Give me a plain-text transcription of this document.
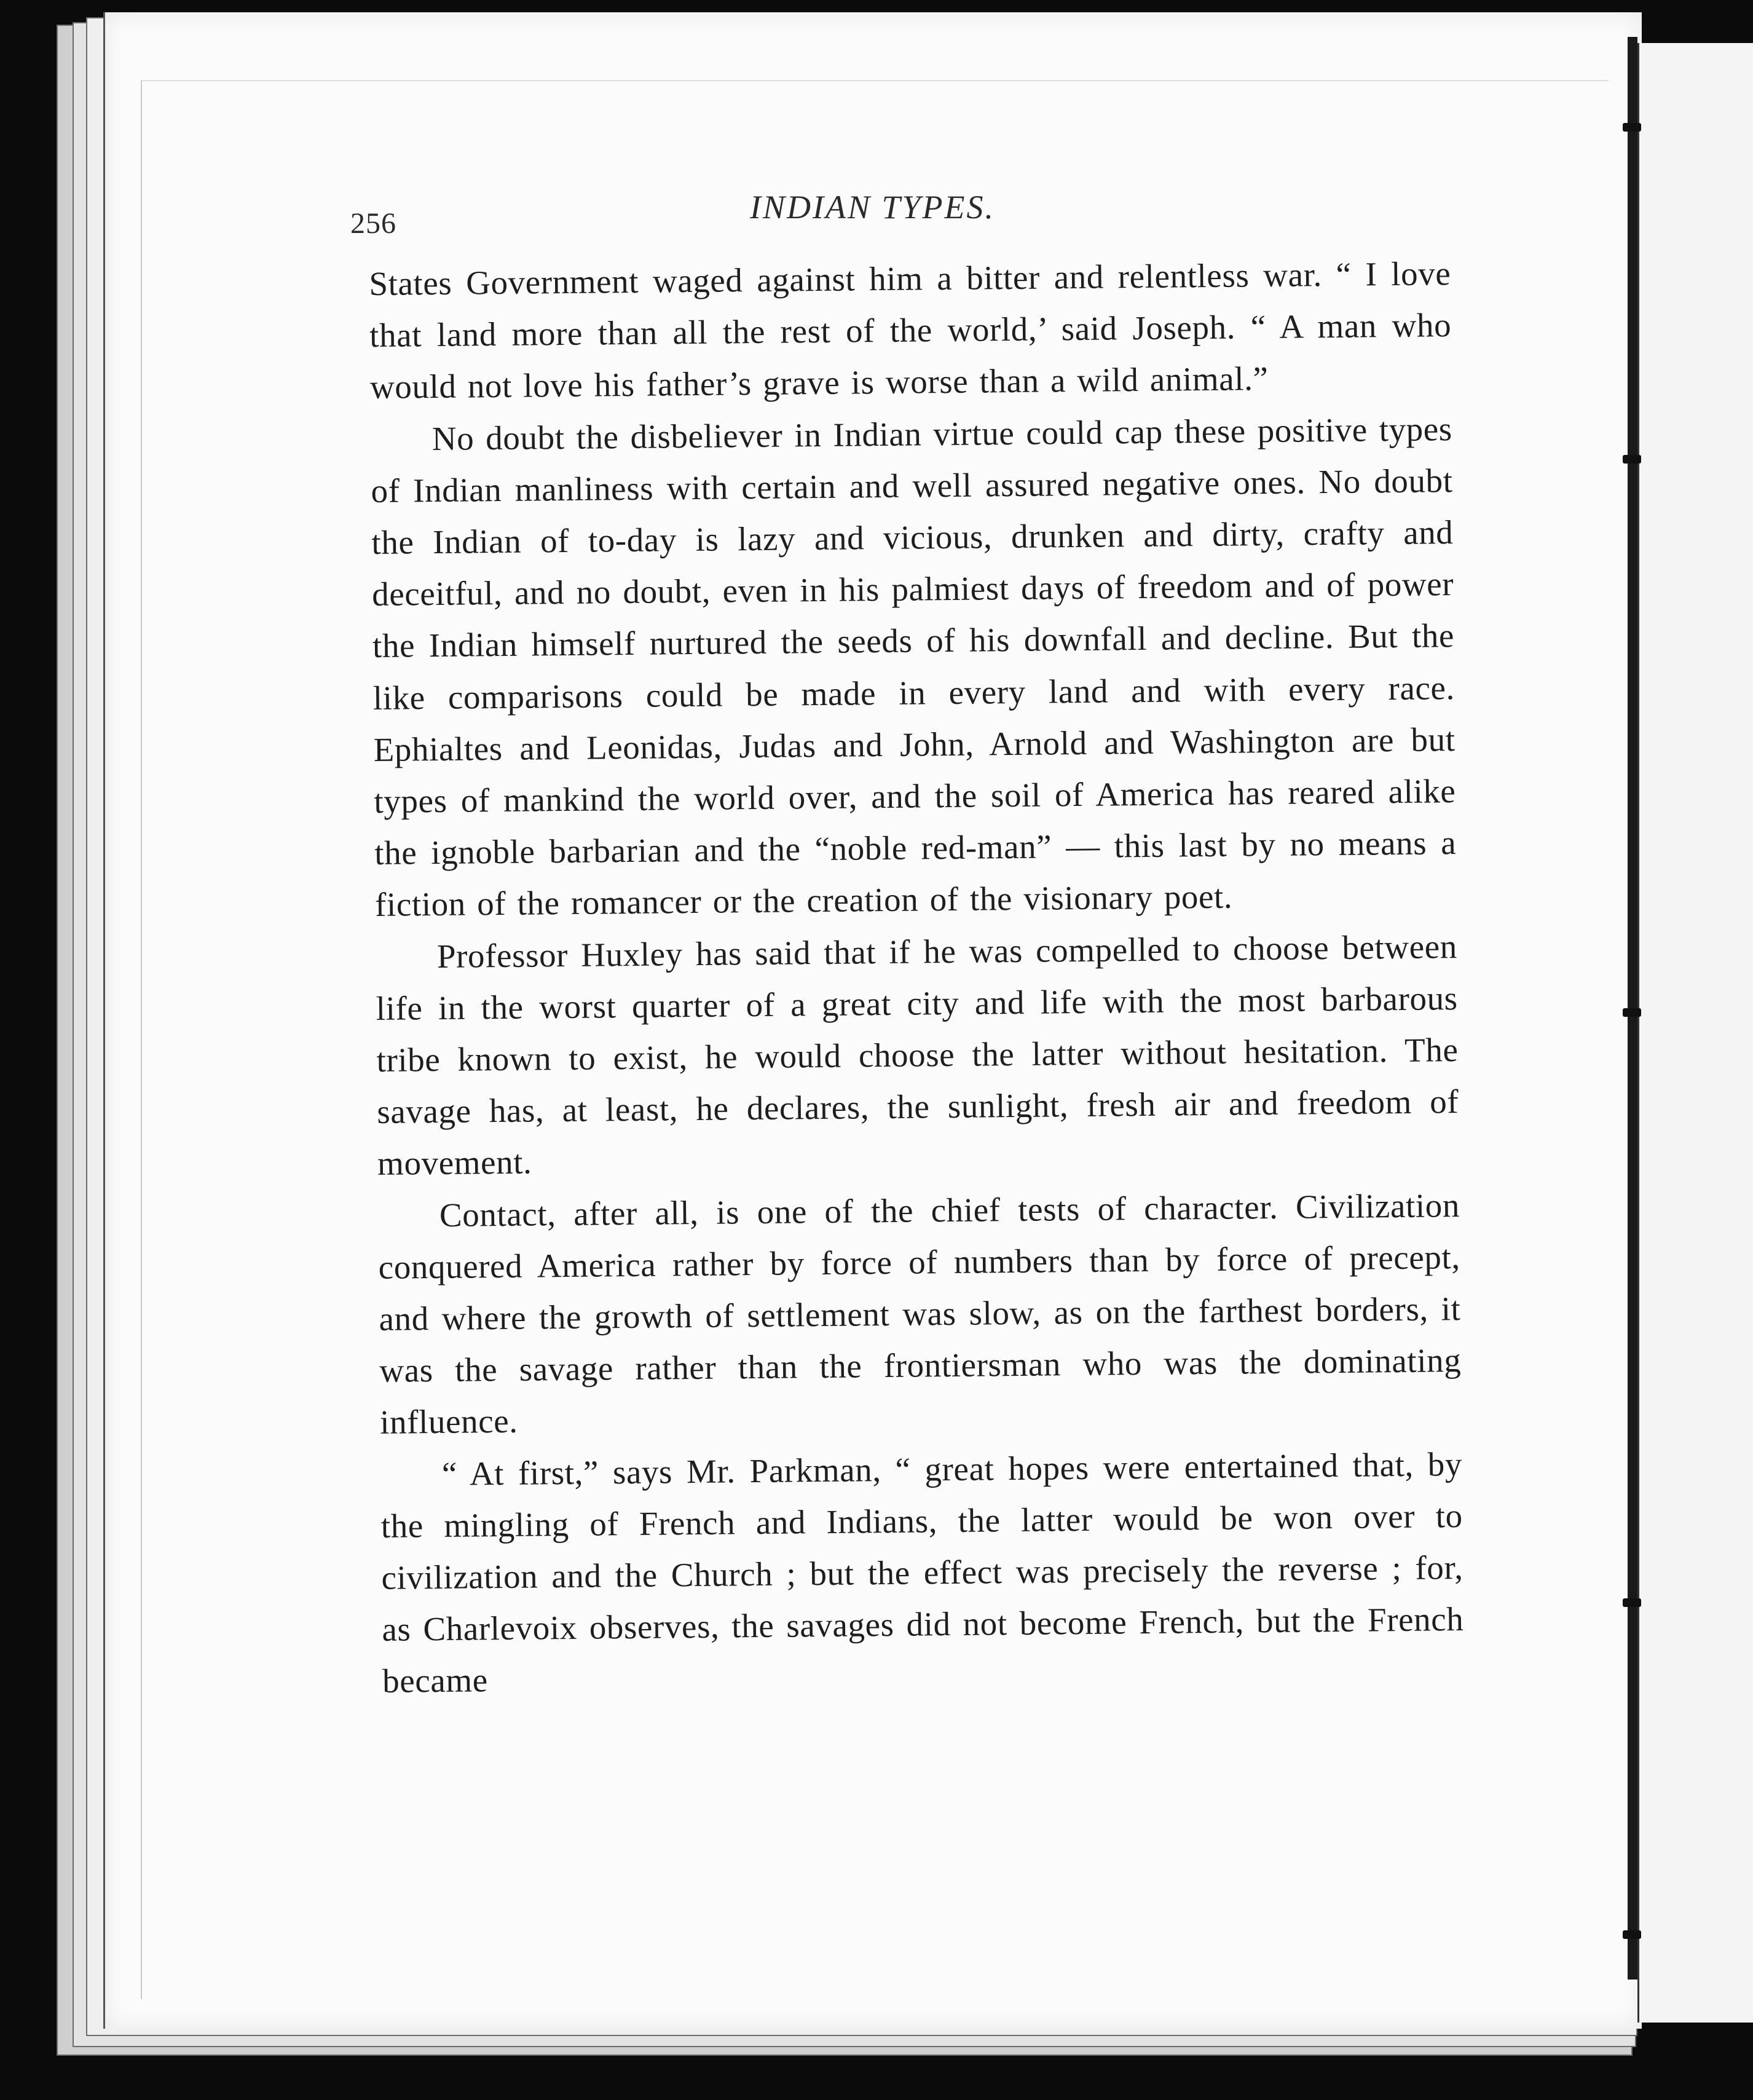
256	INDIAN TYPES.

States Government waged against him a bitter and relentless war. “ I love that land more than all the rest of the world,’ said Joseph. “ A man who would not love his father’s grave is worse than a wild animal.”

No doubt the disbeliever in Indian virtue could cap these positive types of Indian manliness with certain and well assured negative ones. No doubt the Indian of to-day is lazy and vicious, drunken and dirty, crafty and deceitful, and no doubt, even in his palmiest days of freedom and of power the Indian himself nurtured the seeds of his downfall and decline. But the like comparisons could be made in every land and with every race. Ephialtes and Leonidas, Judas and John, Arnold and Washington are but types of mankind the world over, and the soil of America has reared alike the ignoble barbarian and the “noble red-man” — this last by no means a fiction of the romancer or the creation of the visionary poet.

Professor Huxley has said that if he was compelled to choose between life in the worst quarter of a great city and life with the most barbarous tribe known to exist, he would choose the latter without hesitation. The savage has, at least, he declares, the sunlight, fresh air and freedom of movement.

Contact, after all, is one of the chief tests of character. Civilization conquered America rather by force of numbers than by force of precept, and where the growth of settlement was slow, as on the farthest borders, it was the savage rather than the frontiersman who was the dominating influence.

“ At first,” says Mr. Parkman, “ great hopes were entertained that, by the mingling of French and Indians, the latter would be won over to civilization and the Church ; but the effect was precisely the reverse ; for, as Charlevoix observes, the savages did not become French, but the French became
